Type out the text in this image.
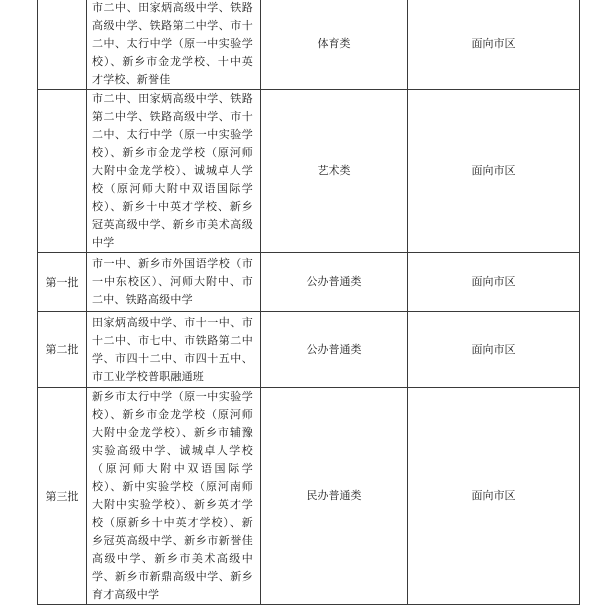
	市二中、田家炳高级中学、铁路高级中学、铁路第二中学、市十二中、太行中学（原一中实验学校）、新乡市金龙学校、十中英才学校、新誉佳	体育类	面向市区

	市二中、田家炳高级中学、铁路第二中学、铁路高级中学、市十二中、太行中学（原一中实验学校）、新乡市金龙学校（原河师大附中金龙学校）、诚城卓人学校（原河师大附中双语国际学校）、新乡十中英才学校、新乡冠英高级中学、新乡市美术高级中学	艺术类	面向市区

第一批	市一中、新乡市外国语学校（市一中东校区）、河师大附中、市二中、铁路高级中学	公办普通类	面向市区

第二批	田家炳高级中学、市十一中、市十二中、市七中、市铁路第二中学、市四十二中、市四十五中、市工业学校普职融通班	公办普通类	面向市区

第三批	新乡市太行中学（原一中实验学校）、新乡市金龙学校（原河师大附中金龙学校）、新乡市辅豫实验高级中学、诚城卓人学校（原河师大附中双语国际学校）、新中实验学校（原河南师大附中实验学校）、新乡英才学校（原新乡十中英才学校）、新乡冠英高级中学、新乡市新誉佳高级中学、新乡市美术高级中学、新乡市新鼎高级中学、新乡育才高级中学	民办普通类	面向市区
